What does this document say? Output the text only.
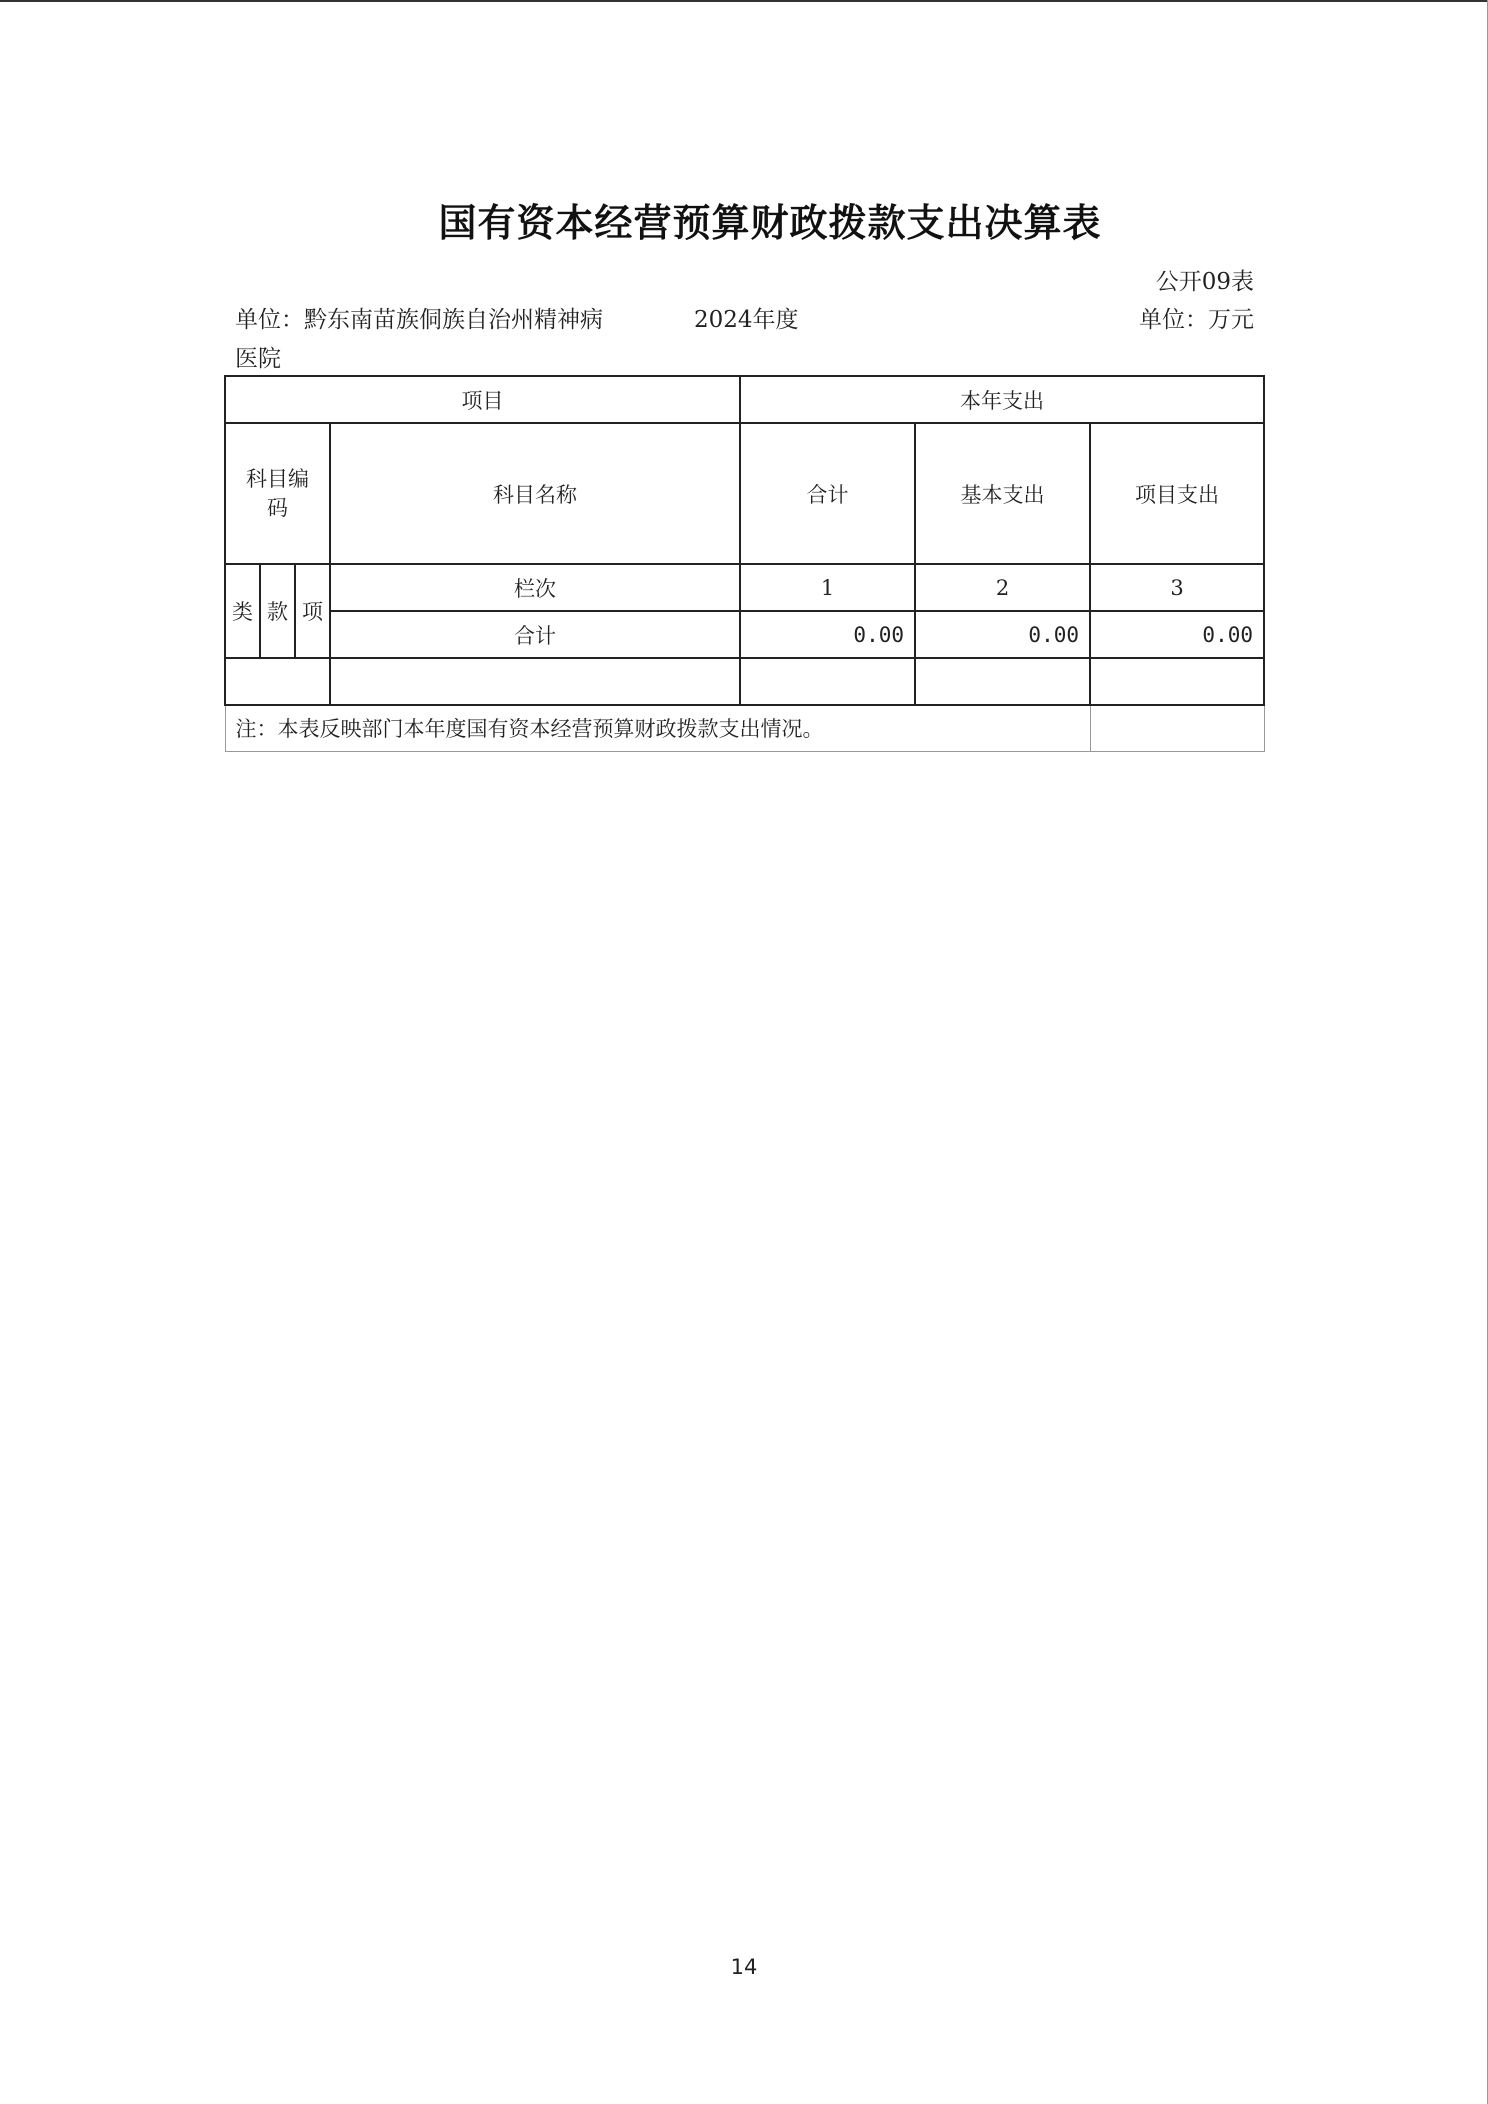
国有资本经营预算财政拨款支出决算表
公开09表
单位：黔东南苗族侗族自治州精神病医院
2024年度	单位：万元
项目				本年支出		

科目编码			科目名称	合计	基本支出	项目支出
类	款	项	栏次	1	2	3
			合计	0.00	0.00	0.00

注：本表反映部门本年度国有资本经营预算财政拨款支出情况。						
14
